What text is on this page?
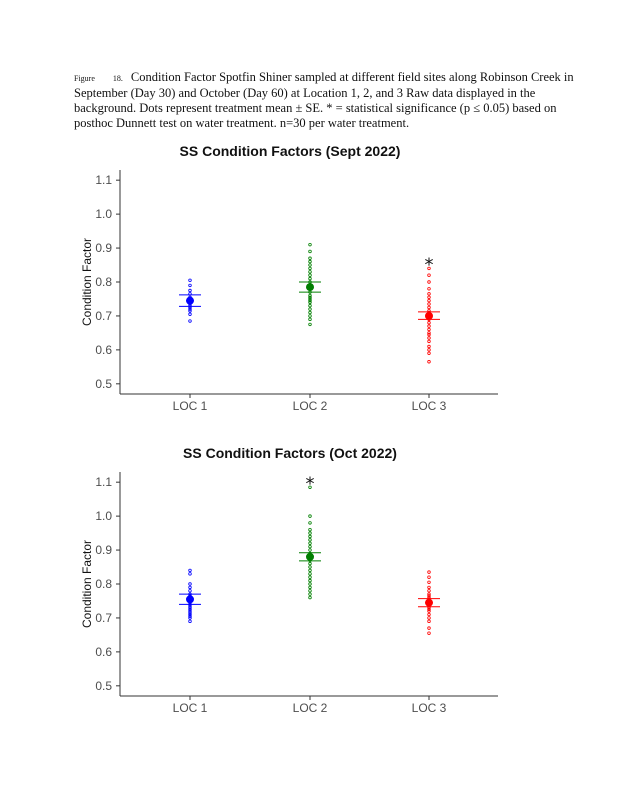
Figure 18. Condition Factor Spotfin Shiner sampled at different field sites along Robinson Creek in September (Day 30) and October (Day 60) at Location 1, 2, and 3 Raw data displayed in the background. Dots represent treatment mean ± SE. * = statistical significance (p ≤ 0.05) based on posthoc Dunnett test on water treatment. n=30 per water treatment.
SS Condition Factors (Sept 2022)
0.5
0.6
0.7
0.8
0.9
1.0
1.1
Condition Factor
LOC 1	LOC 2	LOC 3
*
SS Condition Factors (Oct 2022)
0.5
0.6
0.7
0.8
0.9
1.0
1.1
Condition Factor
LOC 1	LOC 2	LOC 3
*
